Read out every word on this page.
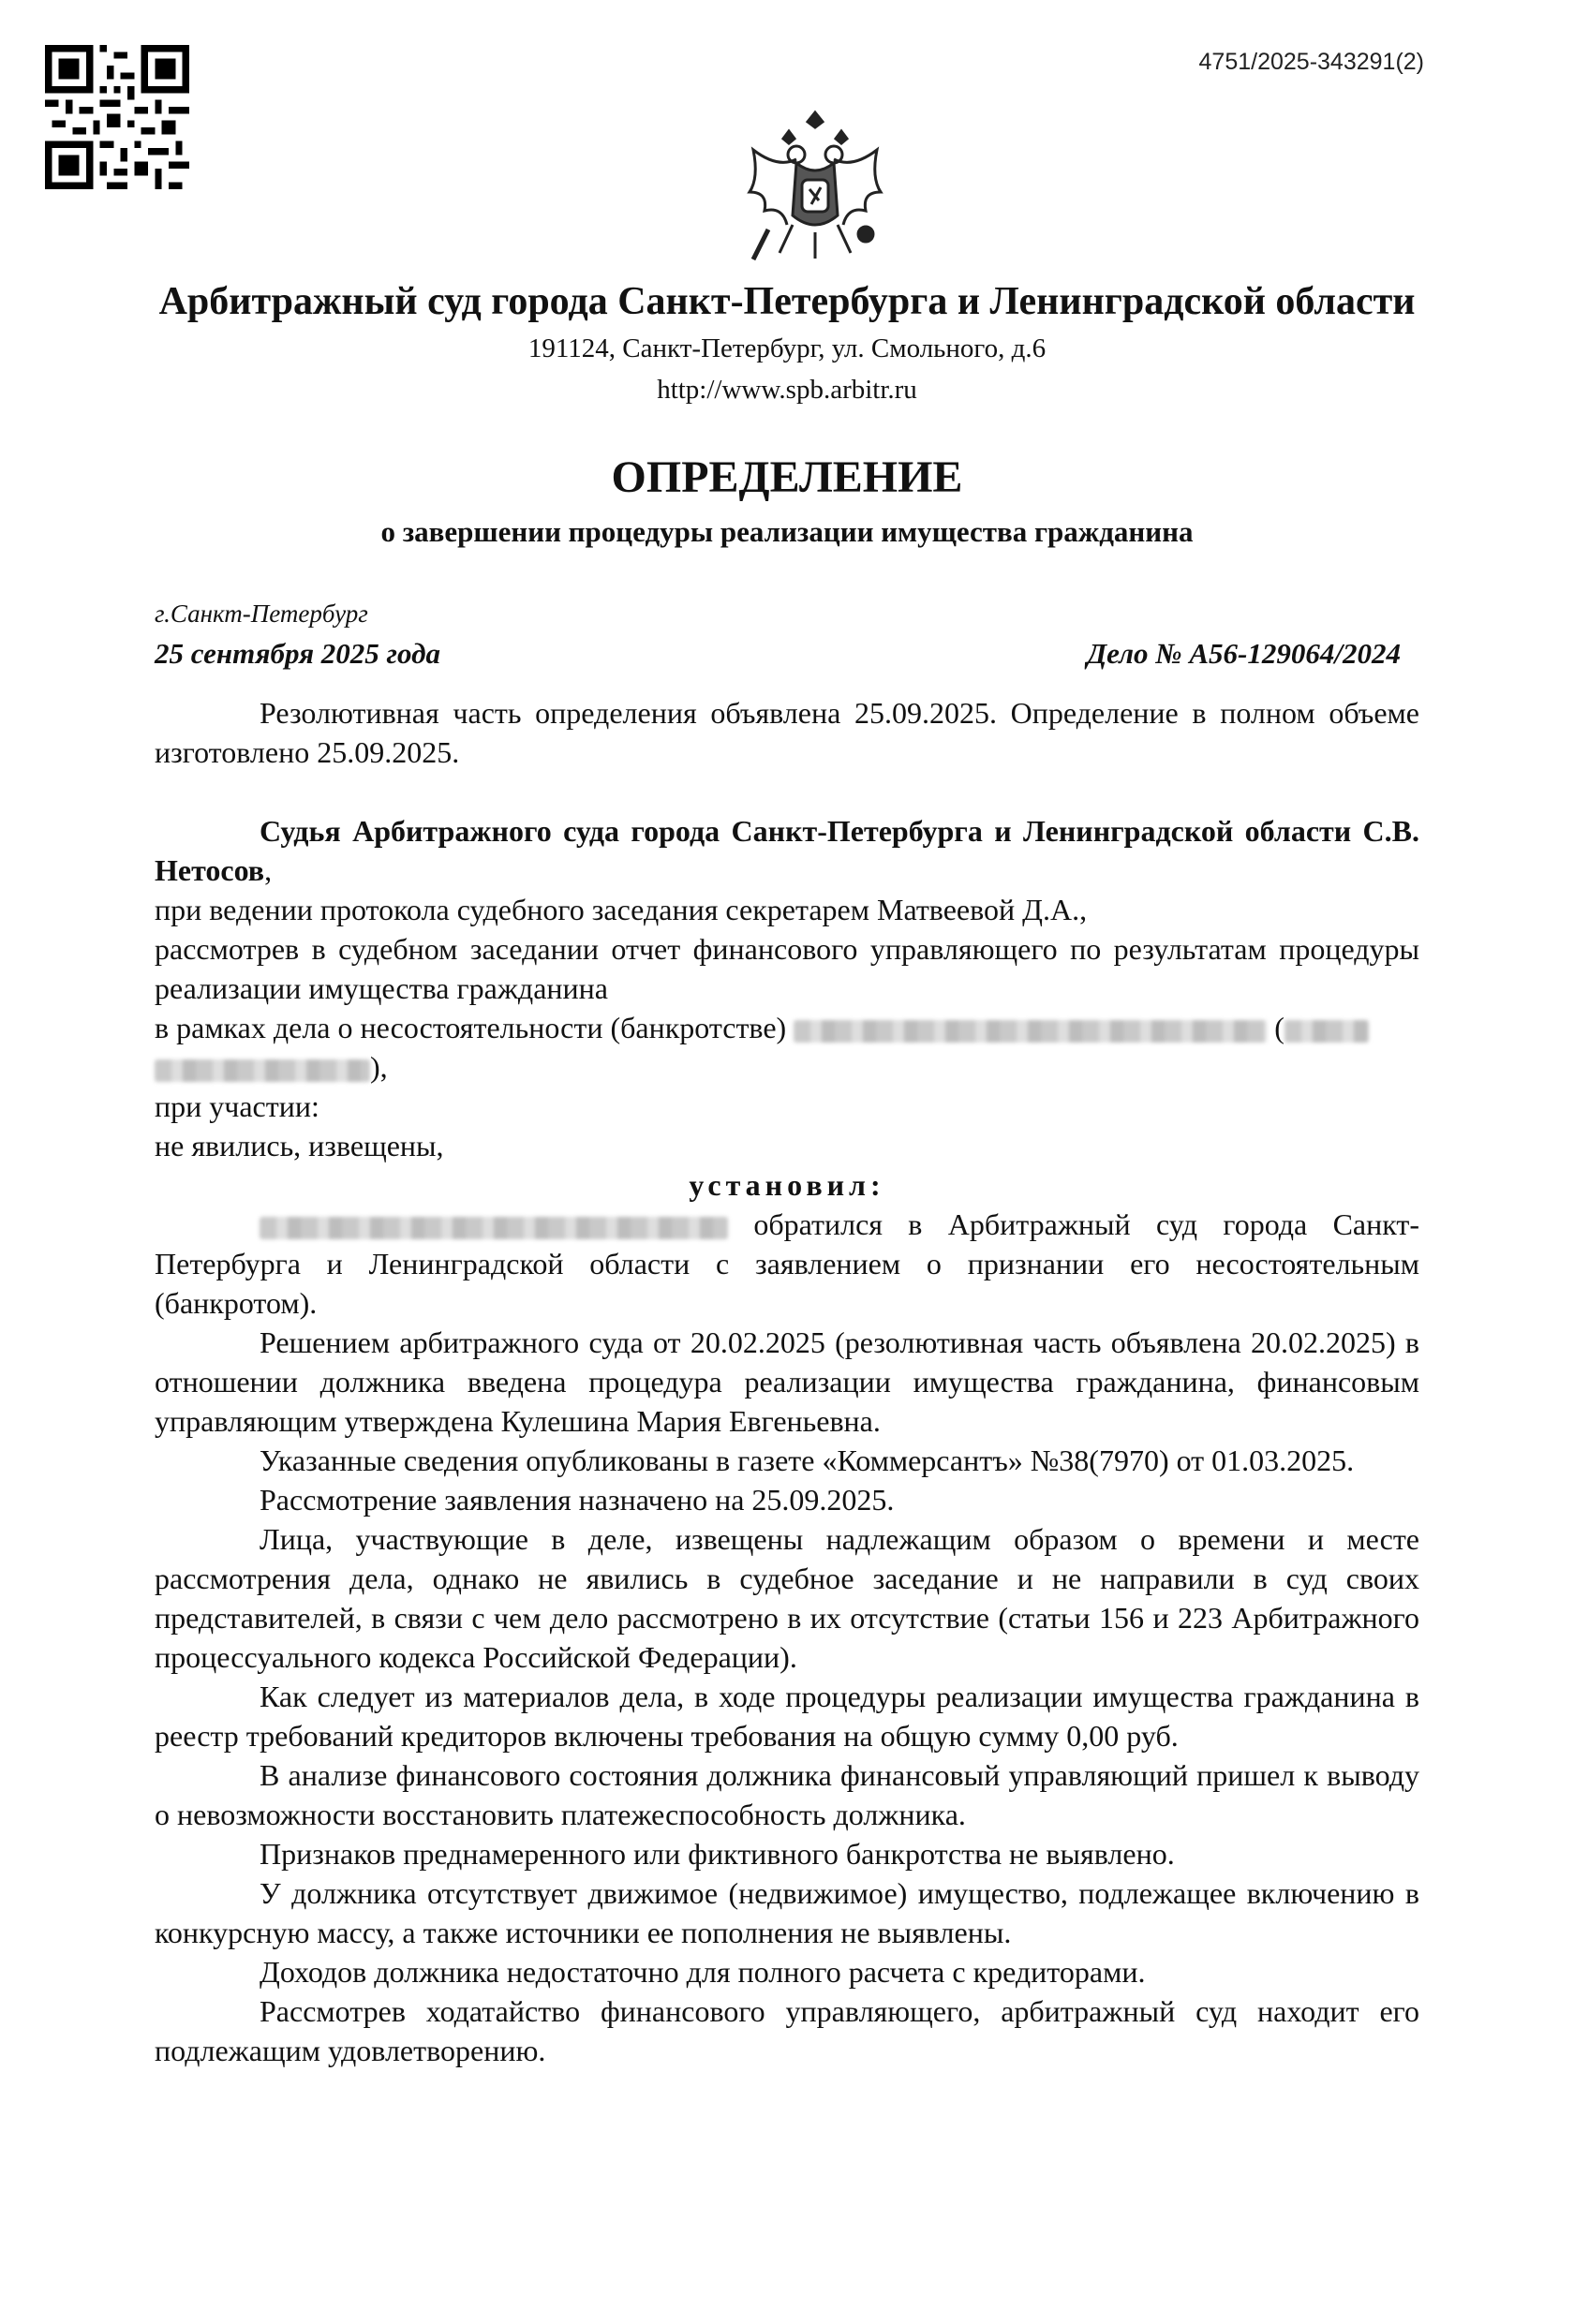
4751/2025-343291(2)
Арбитражный суд города Санкт-Петербурга и Ленинградской области
191124, Санкт-Петербург, ул. Смольного, д.6
http://www.spb.arbitr.ru
ОПРЕДЕЛЕНИЕ
о завершении процедуры реализации имущества гражданина
г.Санкт-Петербург
25 сентября 2025 года	Дело № А56-129064/2024

Резолютивная часть определения объявлена 25.09.2025. Определение в полном объеме изготовлено 25.09.2025.

Судья Арбитражного суда города Санкт-Петербурга и Ленинградской области С.В. Нетосов,

при ведении протокола судебного заседания секретарем Матвеевой Д.А.,

рассмотрев в судебном заседании отчет финансового управляющего по результатам процедуры реализации имущества гражданина

в рамках дела о несостоятельности (банкротстве)	(
),

при участии:

не явились, извещены,

установил:

обратился в Арбитражный суд города Санкт-Петербурга и Ленинградской области с заявлением о признании его несостоятельным (банкротом).

Решением арбитражного суда от 20.02.2025 (резолютивная часть объявлена 20.02.2025) в отношении должника введена процедура реализации имущества гражданина, финансовым управляющим утверждена Кулешина Мария Евгеньевна.

Указанные сведения опубликованы в газете «Коммерсантъ» №38(7970) от 01.03.2025.

Рассмотрение заявления назначено на 25.09.2025.

Лица, участвующие в деле, извещены надлежащим образом о времени и месте рассмотрения дела, однако не явились в судебное заседание и не направили в суд своих представителей, в связи с чем дело рассмотрено в их отсутствие (статьи 156 и 223 Арбитражного процессуального кодекса Российской Федерации).

Как следует из материалов дела, в ходе процедуры реализации имущества гражданина в реестр требований кредиторов включены требования на общую сумму 0,00 руб.

В анализе финансового состояния должника финансовый управляющий пришел к выводу о невозможности восстановить платежеспособность должника.

Признаков преднамеренного или фиктивного банкротства не выявлено.

У должника отсутствует движимое (недвижимое) имущество, подлежащее включению в конкурсную массу, а также источники ее пополнения не выявлены.

Доходов должника недостаточно для полного расчета с кредиторами.

Рассмотрев ходатайство финансового управляющего, арбитражный суд находит его подлежащим удовлетворению.
